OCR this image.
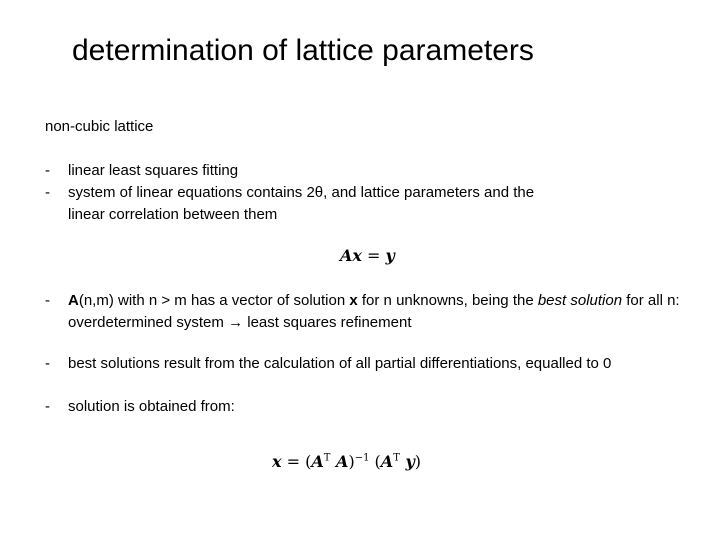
determination of lattice parameters
non-cubic lattice
-	linear least squares fitting
-	system of linear equations contains 2θ, and lattice parameters and the linear correlation between them
Ax = y
-	A(n,m) with n > m has a vector of solution x for n unknowns, being the best solution for all n: overdetermined system → least squares refinement
-	best solutions result from the calculation of all partial differentiations, equalled to 0
-	solution is obtained from:
$x = (A^T$ A)$^{-1}$ ($A^T$ y)
